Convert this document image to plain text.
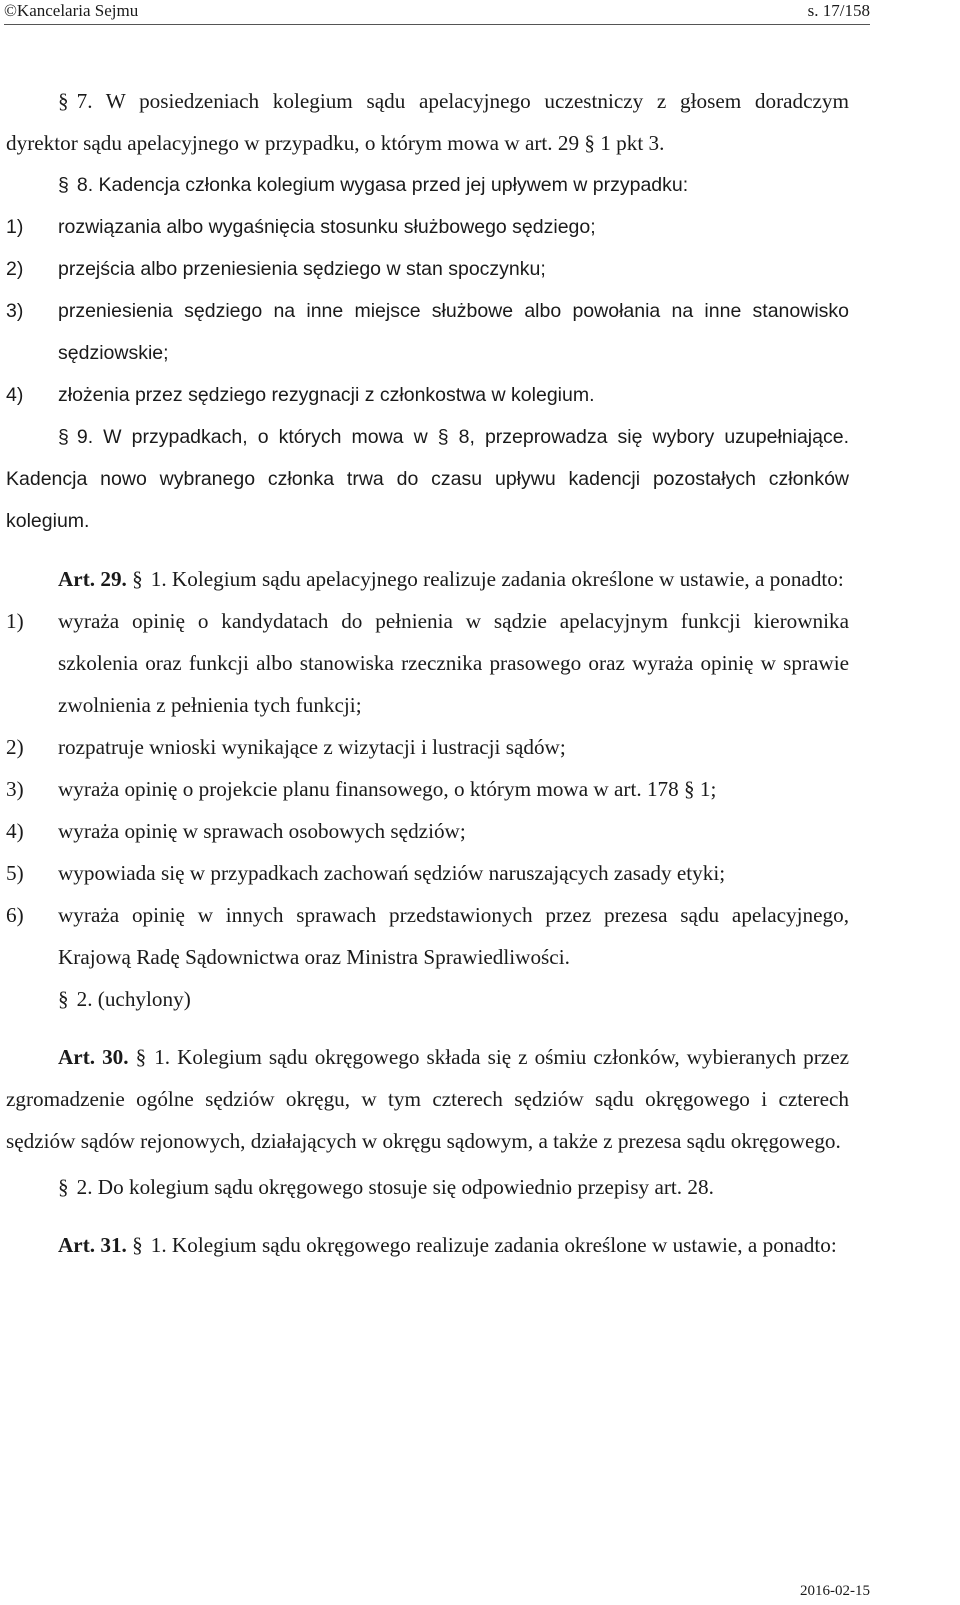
©Kancelaria Sejmu	s. 17/158

§ 7. W posiedzeniach kolegium sądu apelacyjnego uczestniczy z głosem doradczym dyrektor sądu apelacyjnego w przypadku, o którym mowa w art. 29 § 1 pkt 3.

§ 8. Kadencja członka kolegium wygasa przed jej upływem w przypadku:

1)	rozwiązania albo wygaśnięcia stosunku służbowego sędziego;
2)	przejścia albo przeniesienia sędziego w stan spoczynku;
3)	przeniesienia sędziego na inne miejsce służbowe albo powołania na inne stanowisko sędziowskie;
4)	złożenia przez sędziego rezygnacji z członkostwa w kolegium.

§ 9. W przypadkach, o których mowa w § 8, przeprowadza się wybory uzupełniające. Kadencja nowo wybranego członka trwa do czasu upływu kadencji pozostałych członków kolegium.

Art. 29. § 1. Kolegium sądu apelacyjnego realizuje zadania określone w ustawie, a ponadto:

1)	wyraża opinię o kandydatach do pełnienia w sądzie apelacyjnym funkcji kierownika szkolenia oraz funkcji albo stanowiska rzecznika prasowego oraz wyraża opinię w sprawie zwolnienia z pełnienia tych funkcji;
2)	rozpatruje wnioski wynikające z wizytacji i lustracji sądów;
3)	wyraża opinię o projekcie planu finansowego, o którym mowa w art. 178 § 1;
4)	wyraża opinię w sprawach osobowych sędziów;
5)	wypowiada się w przypadkach zachowań sędziów naruszających zasady etyki;
6)	wyraża opinię w innych sprawach przedstawionych przez prezesa sądu apelacyjnego, Krajową Radę Sądownictwa oraz Ministra Sprawiedliwości.

§ 2. (uchylony)

Art. 30. § 1. Kolegium sądu okręgowego składa się z ośmiu członków, wybieranych przez zgromadzenie ogólne sędziów okręgu, w tym czterech sędziów sądu okręgowego i czterech sędziów sądów rejonowych, działających w okręgu sądowym, a także z prezesa sądu okręgowego.

§ 2. Do kolegium sądu okręgowego stosuje się odpowiednio przepisy art. 28.

Art. 31. § 1. Kolegium sądu okręgowego realizuje zadania określone w ustawie, a ponadto:

2016-02-15
